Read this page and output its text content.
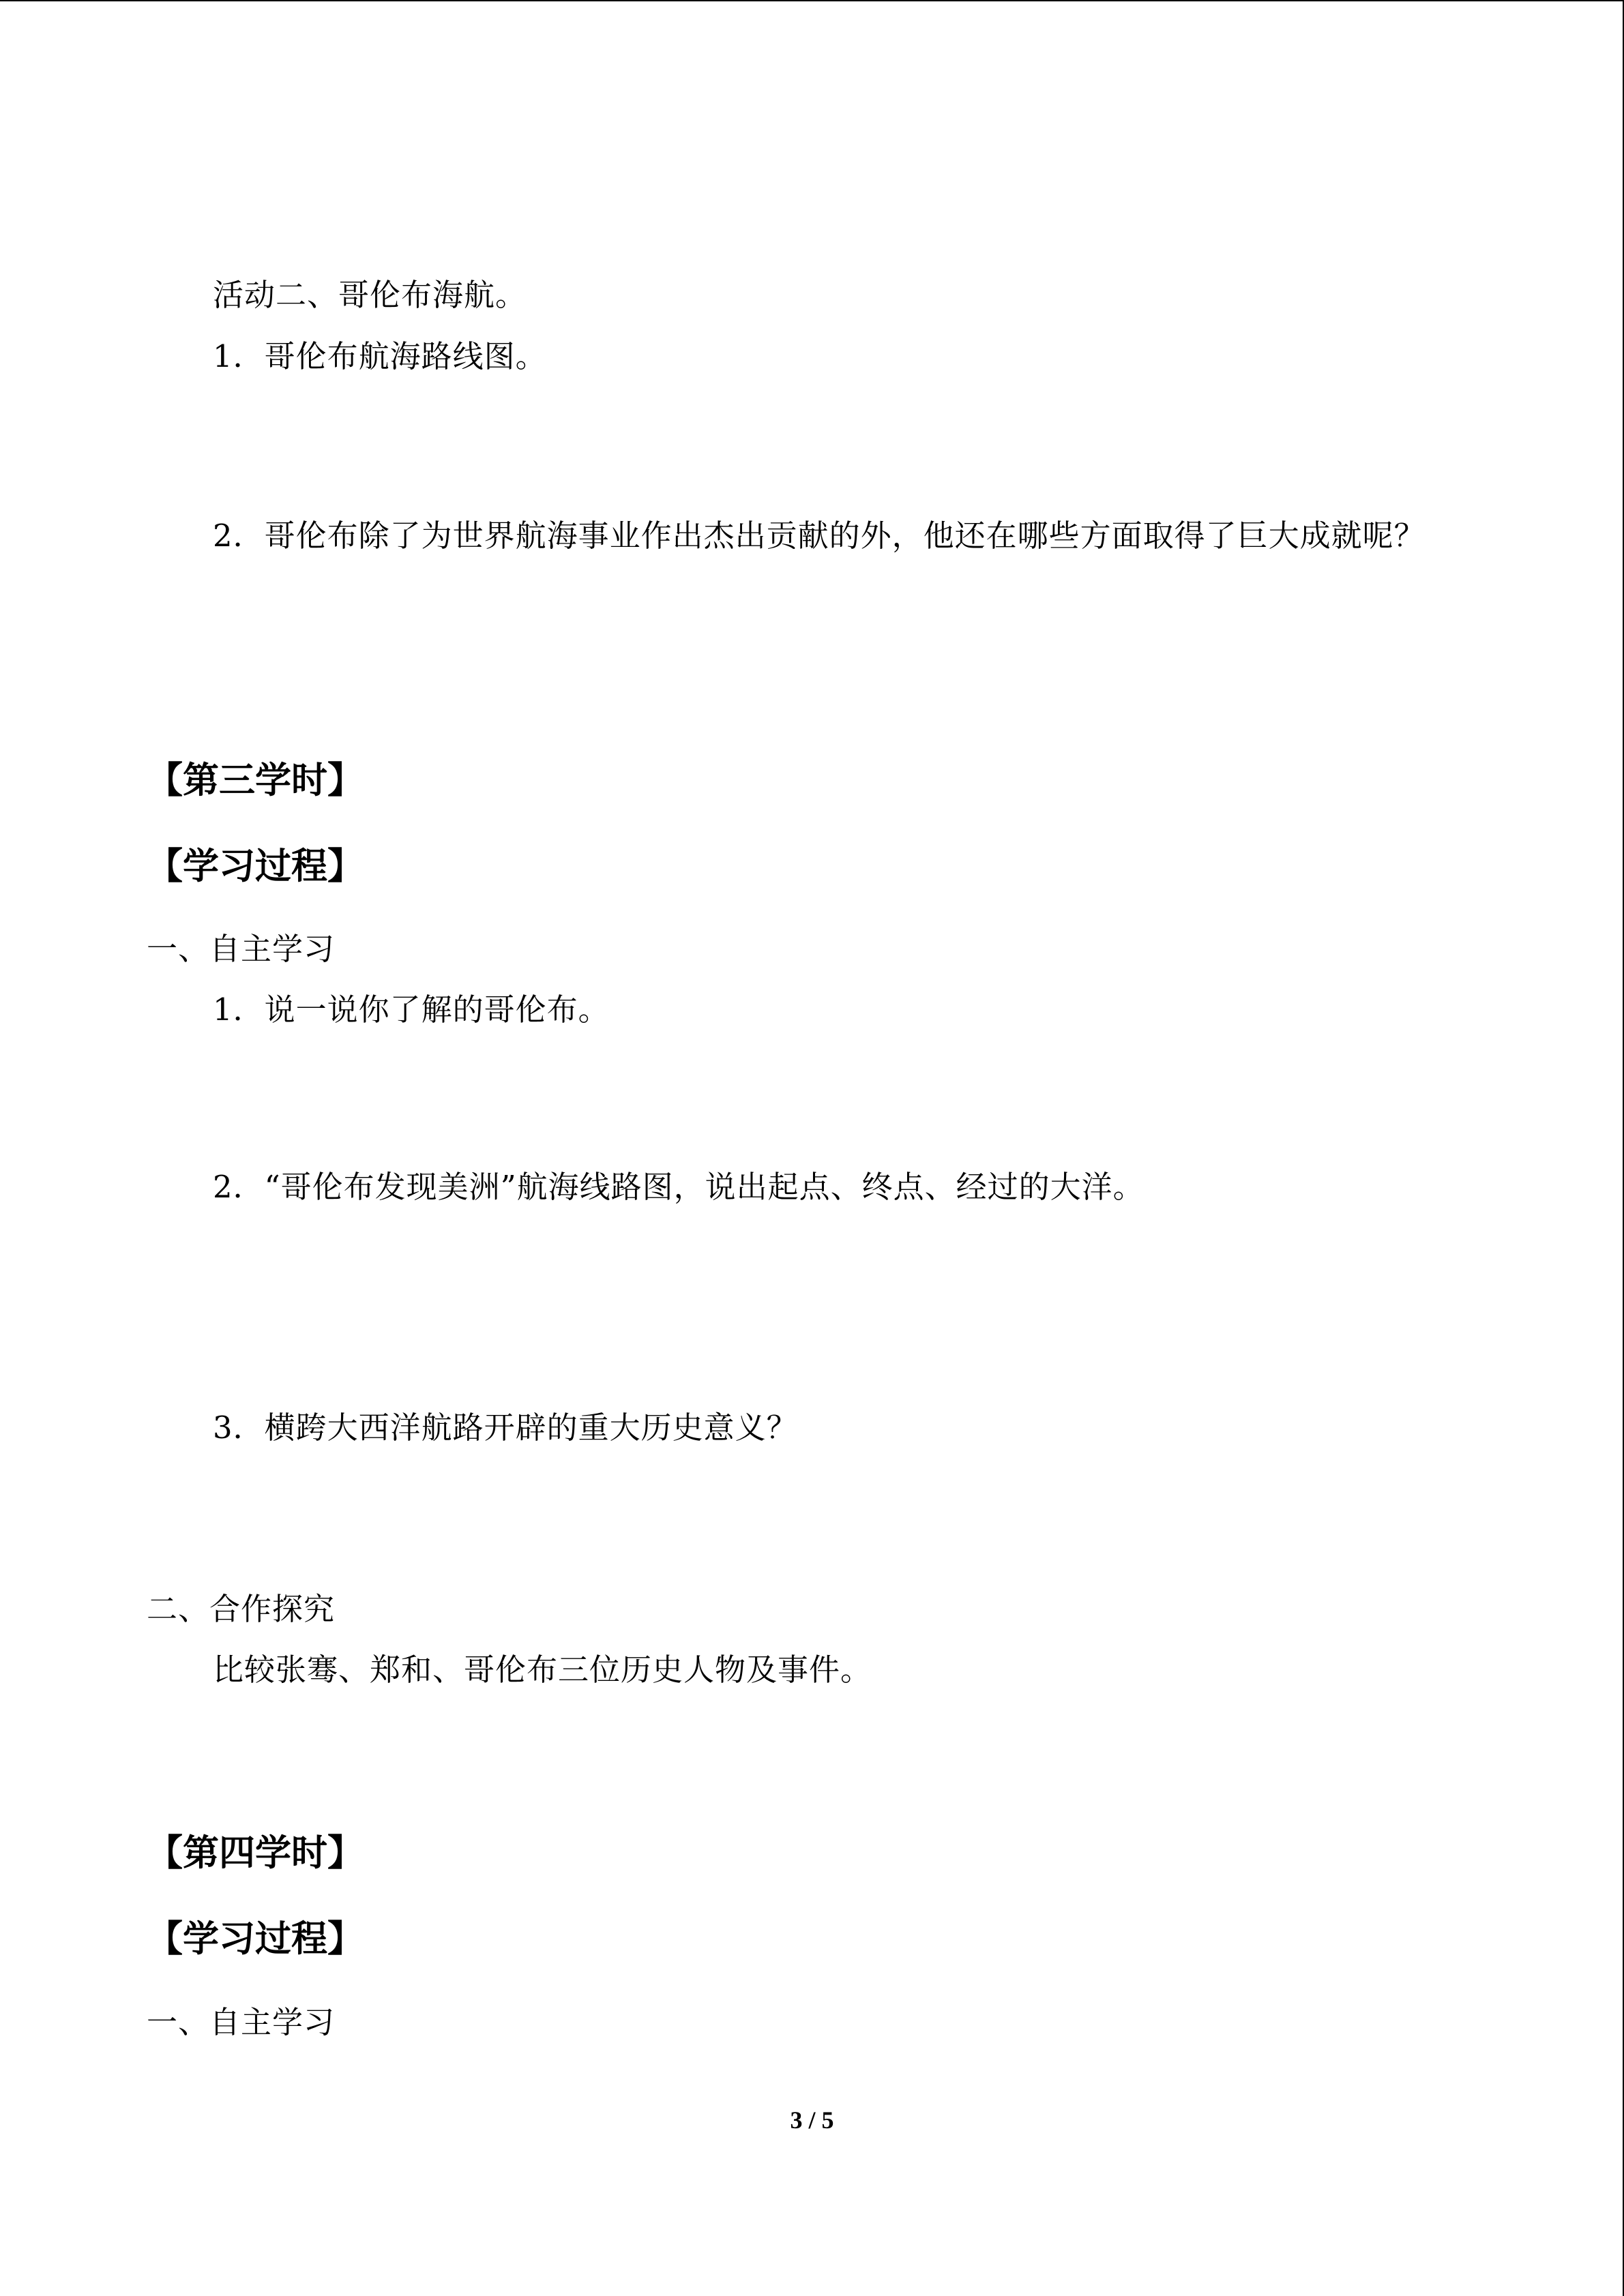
活动二、哥伦布海航。
1．哥伦布航海路线图。
2．哥伦布除了为世界航海事业作出杰出贡献的外，他还在哪些方面取得了巨大成就呢？
【第三学时】
【学习过程】
一、自主学习
1．说一说你了解的哥伦布。
2．“哥伦布发现美洲”航海线路图，说出起点、终点、经过的大洋。
3．横跨大西洋航路开辟的重大历史意义？
二、合作探究
比较张骞、郑和、哥伦布三位历史人物及事件。
【第四学时】
【学习过程】
一、自主学习
3 / 5
